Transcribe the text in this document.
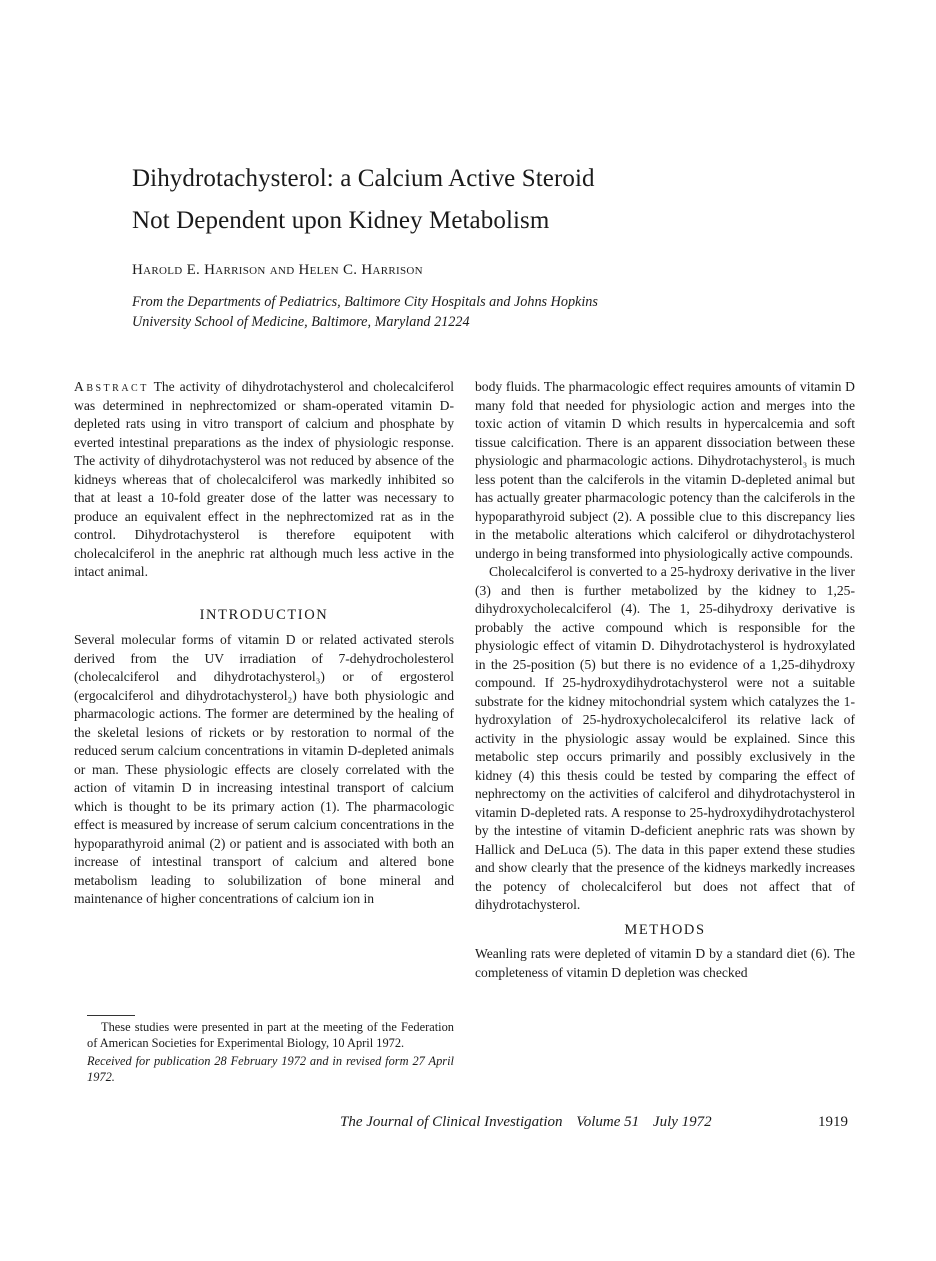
Dihydrotachysterol: a Calcium Active Steroid
Not Dependent upon Kidney Metabolism
Harold E. Harrison and Helen C. Harrison
From the Departments of Pediatrics, Baltimore City Hospitals and Johns Hopkins
University School of Medicine, Baltimore, Maryland 21224

Abstract The activity of dihydrotachysterol and cholecalciferol was determined in nephrectomized or sham-operated vitamin D-depleted rats using in vitro transport of calcium and phosphate by everted intestinal preparations as the index of physiologic response. The activity of dihydrotachysterol was not reduced by absence of the kidneys whereas that of cholecalciferol was markedly inhibited so that at least a 10-fold greater dose of the latter was necessary to produce an equivalent effect in the nephrectomized rat as in the control. Dihydrotachysterol is therefore equipotent with cholecalciferol in the anephric rat although much less active in the intact animal.

INTRODUCTION

Several molecular forms of vitamin D or related activated sterols derived from the UV irradiation of 7-dehydrocholesterol (cholecalciferol and dihydrotachysterol₃) or of ergosterol (ergocalciferol and dihydrotachysterol₂) have both physiologic and pharmacologic actions. The former are determined by the healing of the skeletal lesions of rickets or by restoration to normal of the reduced serum calcium concentrations in vitamin D-depleted animals or man. These physiologic effects are closely correlated with the action of vitamin D in increasing intestinal transport of calcium which is thought to be its primary action (1). The pharmacologic effect is measured by increase of serum calcium concentrations in the hypoparathyroid animal (2) or patient and is associated with both an increase of intestinal transport of calcium and altered bone metabolism leading to solubilization of bone mineral and maintenance of higher concentrations of calcium ion in

These studies were presented in part at the meeting of the Federation of American Societies for Experimental Biology, 10 April 1972.

Received for publication 28 February 1972 and in revised form 27 April 1972.

body fluids. The pharmacologic effect requires amounts of vitamin D many fold that needed for physiologic action and merges into the toxic action of vitamin D which results in hypercalcemia and soft tissue calcification. There is an apparent dissociation between these physiologic and pharmacologic actions. Dihydrotachysterol₃ is much less potent than the calciferols in the vitamin D-depleted animal but has actually greater pharmacologic potency than the calciferols in the hypoparathyroid subject (2). A possible clue to this discrepancy lies in the metabolic alterations which calciferol or dihydrotachysterol undergo in being transformed into physiologically active compounds.

Cholecalciferol is converted to a 25-hydroxy derivative in the liver (3) and then is further metabolized by the kidney to 1,25-dihydroxycholecalciferol (4). The 1, 25-dihydroxy derivative is probably the active compound which is responsible for the physiologic effect of vitamin D. Dihydrotachysterol is hydroxylated in the 25-position (5) but there is no evidence of a 1,25-dihydroxy compound. If 25-hydroxydihydrotachysterol were not a suitable substrate for the kidney mitochondrial system which catalyzes the 1-hydroxylation of 25-hydroxycholecalciferol its relative lack of activity in the physiologic assay would be explained. Since this metabolic step occurs primarily and possibly exclusively in the kidney (4) this thesis could be tested by comparing the effect of nephrectomy on the activities of calciferol and dihydrotachysterol in vitamin D-depleted rats. A response to 25-hydroxydihydrotachysterol by the intestine of vitamin D-deficient anephric rats was shown by Hallick and DeLuca (5). The data in this paper extend these studies and show clearly that the presence of the kidneys markedly increases the potency of cholecalciferol but does not affect that of dihydrotachysterol.

METHODS

Weanling rats were depleted of vitamin D by a standard diet (6). The completeness of vitamin D depletion was checked

The Journal of Clinical Investigation Volume 51 July 1972	1919
